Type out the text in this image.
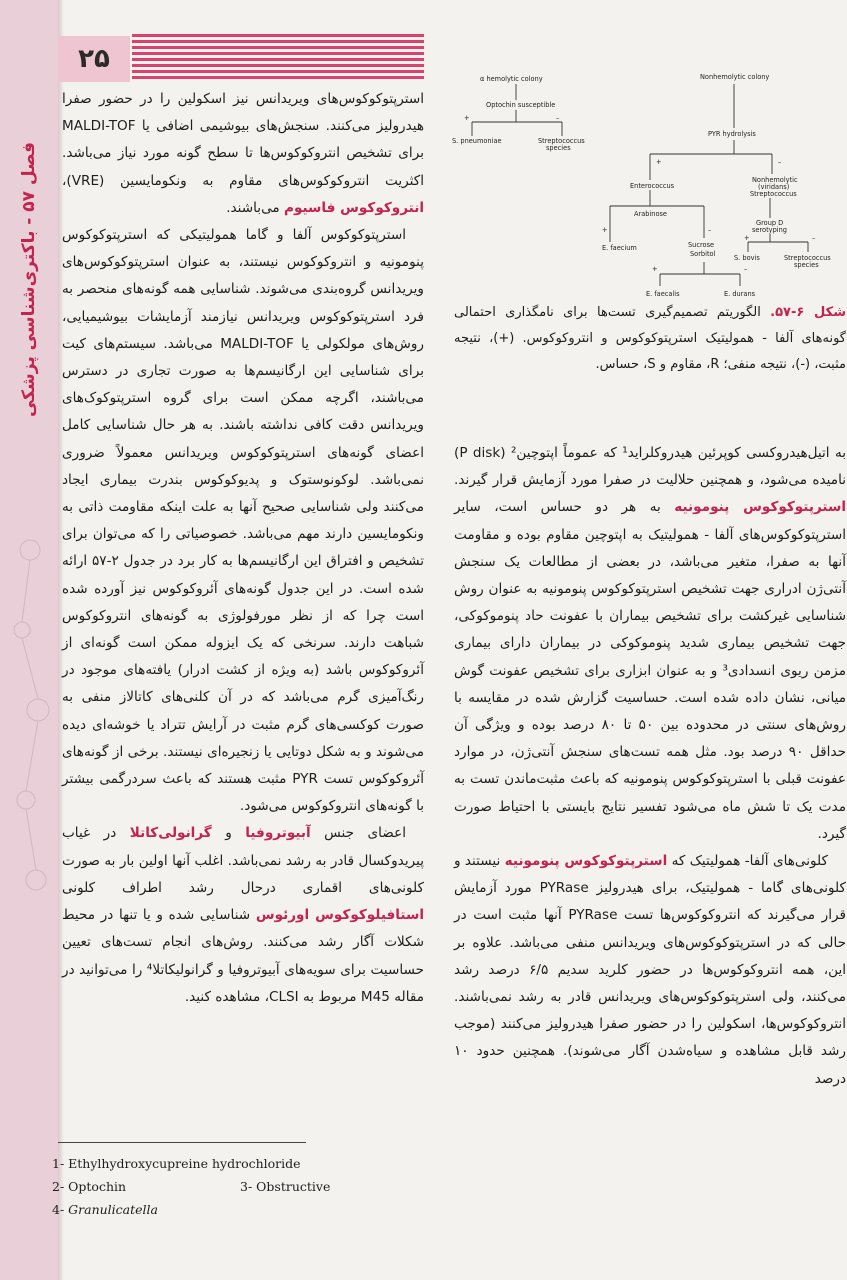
۲۵
فصل ۵۷ - باکتری‌شناسی پزشکی
α hemolytic colony
Optochin susceptible
+	–
S. pneumoniae	Streptococcus
species
Nonhemolytic colony
PYR hydrolysis
+	–
Enterococcus
Nonhemolytic
(viridans)
Streptococcus
Arabinose
+	–
Group D
serotyping
+	–
E. faecium	Sucrose
Sorbitol	S. bovis	Streptococcus
species
+	–
E. faecalis	E. durans
شکل ۶-۵۷. الگوریتم تصمیم‌گیری تست‌ها برای نامگذاری احتمالی گونه‌های آلفا - همولیتیک استرپتوکوکوس و انتروکوکوس. (+)، نتیجه مثبت، (-)، نتیجه منفی؛ R، مقاوم و S، حساس.

استرپتوکوکوس‌های ویریدانس نیز اسکولین را در حضور صفرا هیدرولیز می‌کنند. سنجش‌های بیوشیمی اضافی یا MALDI-TOF برای تشخیص انتروکوکوس‌ها تا سطح گونه مورد نیاز می‌باشد. اکثریت انتروکوکوس‌های مقاوم به ونکومایسین (VRE)، انتروکوکوس فاسیوم می‌باشند.

استرپتوکوکوس آلفا و گاما همولیتیکی که استرپتوکوکوس پنومونیه و انتروکوکوس نیستند، به عنوان استرپتوکوکوس‌های ویریدانس گروه‌بندی می‌شوند. شناسایی همه گونه‌های منحصر به فرد استرپتوکوکوس ویریدانس نیازمند آزمایشات بیوشیمیایی، روش‌های مولکولی یا MALDI-TOF می‌باشد. سیستم‌های کیت برای شناسایی این ارگانیسم‌ها به صورت تجاری در دسترس می‌باشند، اگرچه ممکن است برای گروه استرپتوکوک‌های ویریدانس دقت کافی نداشته باشند. به هر حال شناسایی کامل اعضای گونه‌های استرپتوکوکوس ویریدانس معمولاً ضروری نمی‌باشد. لوکونوستوک و پدیوکوکوس بندرت بیماری ایجاد می‌کنند ولی شناسایی صحیح آنها به علت اینکه مقاومت ذاتی به ونکومایسین دارند مهم می‌باشد. خصوصیاتی را که می‌توان برای تشخیص و افتراق این ارگانیسم‌ها به کار برد در جدول ۲-۵۷ ارائه شده است. در این جدول گونه‌های آئروکوکوس نیز آورده شده است چرا که از نظر مورفولوژی به گونه‌های انتروکوکوس شباهت دارند. سرنخی که یک ایزوله ممکن است گونه‌ای از آئروکوکوس باشد (به ویژه از کشت ادرار) یافته‌های موجود در رنگ‌آمیزی گرم می‌باشد که در آن کلنی‌های کاتالاز منفی به صورت کوکسی‌های گرم مثبت در آرایش تتراد یا خوشه‌ای دیده می‌شوند و به شکل دوتایی یا زنجیره‌ای نیستند. برخی از گونه‌های آئروکوکوس تست PYR مثبت هستند که باعث سردرگمی بیشتر با گونه‌های انتروکوکوس می‌شود.

اعضای جنس آبیوتروفیا و گرانولی‌کاتلا در غیاب پیریدوکسال قادر به رشد نمی‌باشد. اغلب آنها اولین بار به صورت کلونی‌های اقماری درحال رشد اطراف کلونی استافیلوکوکوس اورئوس شناسایی شده و یا تنها در محیط شکلات آگار رشد می‌کنند. روش‌های انجام تست‌های تعیین حساسیت برای سویه‌های آبیوتروفیا و گرانولیکاتلا⁴ را می‌توانید در مقاله M45 مربوط به CLSI، مشاهده کنید.

به اتیل‌هیدروکسی کوپرئین هیدروکلراید¹ که عموماً اپتوچین² (P disk) نامیده می‌شود، و همچنین حلالیت در صفرا مورد آزمایش قرار گیرند. استرپتوکوکوس پنومونیه به هر دو حساس است، سایر استرپتوکوکوس‌های آلفا - همولیتیک به اپتوچین مقاوم بوده و مقاومت آنها به صفرا، متغیر می‌باشد، در بعضی از مطالعات یک سنجش آنتی‌ژن ادراری جهت تشخیص استرپتوکوکوس پنومونیه به عنوان روش شناسایی غیرکشت برای تشخیص بیماران با عفونت حاد پنوموکوکی، جهت تشخیص بیماری شدید پنوموکوکی در بیماران دارای بیماری مزمن ریوی انسدادی³ و به عنوان ابزاری برای تشخیص عفونت گوش میانی، نشان داده شده است. حساسیت گزارش شده در مقایسه با روش‌های سنتی در محدوده بین ۵۰ تا ۸۰ درصد بوده و ویژگی آن حداقل ۹۰ درصد بود. مثل همه تست‌های سنجش آنتی‌ژن، در موارد عفونت قبلی با استرپتوکوکوس پنومونیه که باعث مثبت‌ماندن تست به مدت یک تا شش ماه می‌شود تفسیر نتایج بایستی با احتیاط صورت گیرد.

کلونی‌های آلفا- همولیتیک که استرپتوکوکوس پنومونیه نیستند و کلونی‌های گاما - همولیتیک، برای هیدرولیز PYRase مورد آزمایش قرار می‌گیرند که انتروکوکوس‌ها تست PYRase آنها مثبت است در حالی که در استرپتوکوکوس‌های ویریدانس منفی می‌باشد. علاوه بر این، همه انتروکوکوس‌ها در حضور کلرید سدیم ۶/۵ درصد رشد می‌کنند، ولی استرپتوکوکوس‌های ویریدانس قادر به رشد نمی‌باشند. انتروکوکوس‌ها، اسکولین را در حضور صفرا هیدرولیز می‌کنند (موجب رشد قابل مشاهده و سیاه‌شدن آگار می‌شوند). همچنین حدود ۱۰ درصد

1- Ethylhydroxycupreine hydrochloride
2- Optochin	3- Obstructive
4- Granulicatella
